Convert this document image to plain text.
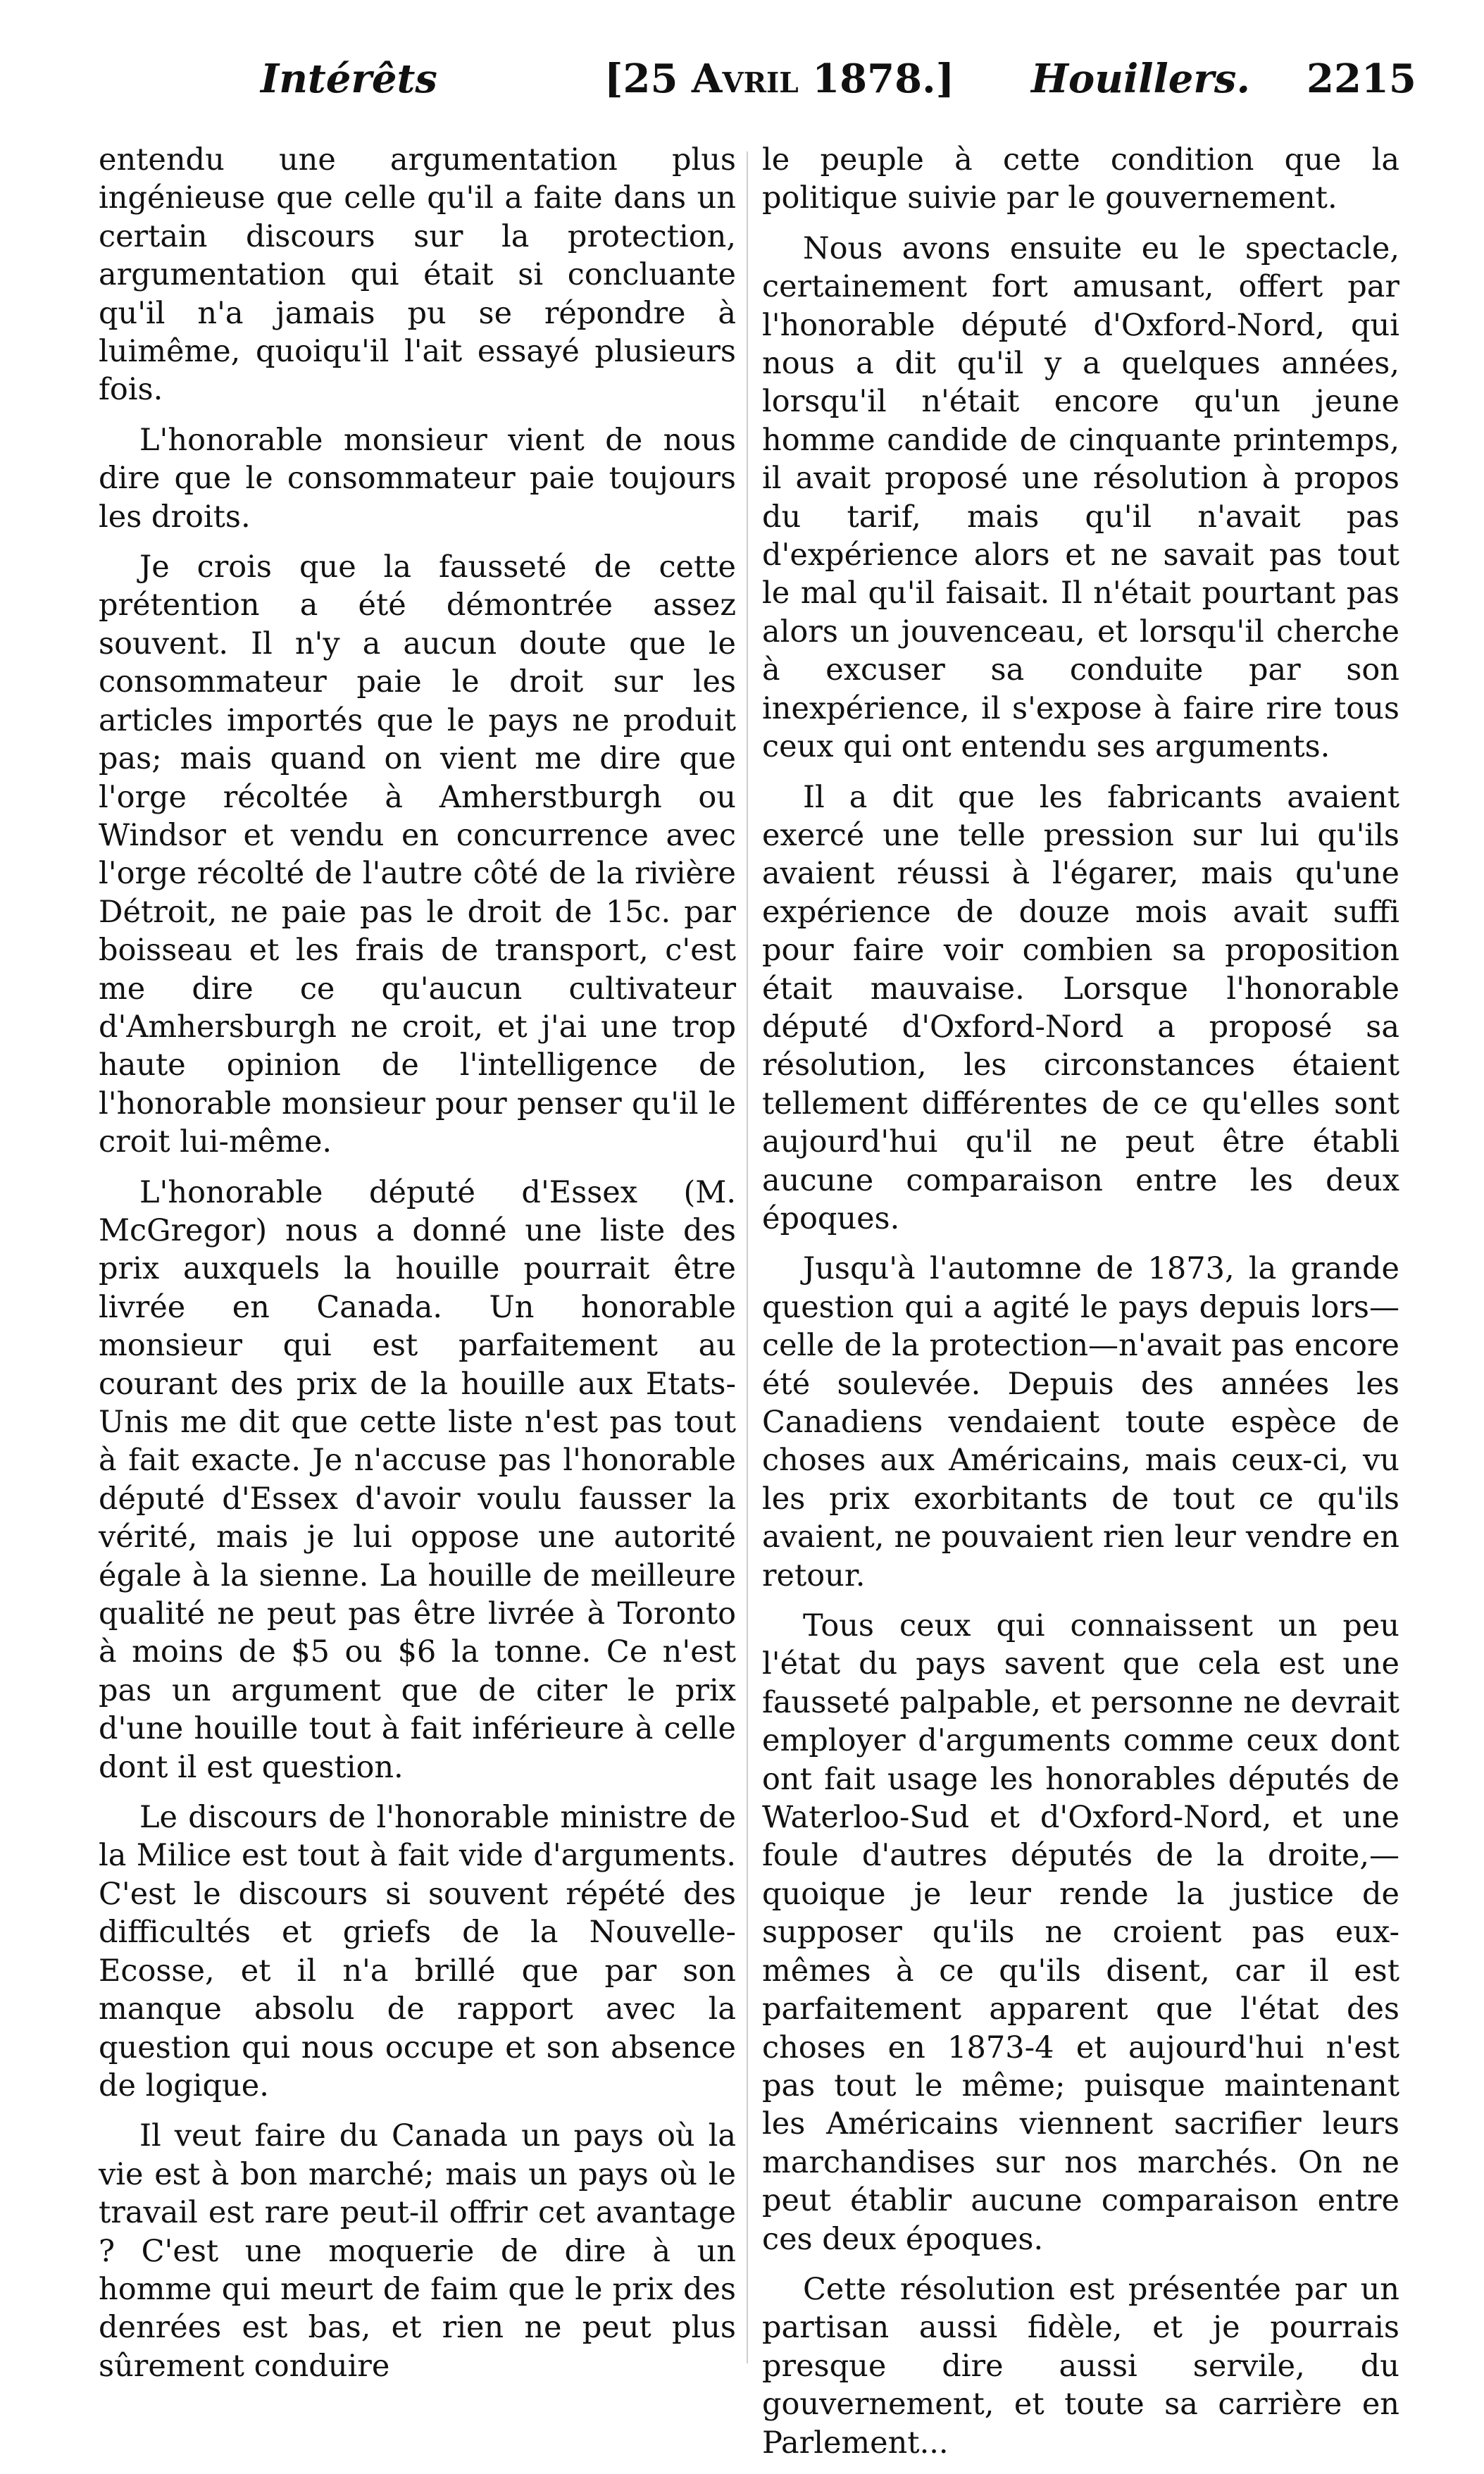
Intérêts	[25 Avril 1878.] Houillers. 2215

entendu une argumentation plus ingénieuse que celle qu'il a faite dans un certain discours sur la protection, argumentation qui était si concluante qu'il n'a jamais pu se répondre à luimême, quoiqu'il l'ait essayé plusieurs fois.

L'honorable monsieur vient de nous dire que le consommateur paie toujours les droits.

Je crois que la fausseté de cette prétention a été démontrée assez souvent. Il n'y a aucun doute que le consommateur paie le droit sur les articles importés que le pays ne produit pas; mais quand on vient me dire que l'orge récoltée à Amherstburgh ou Windsor et vendu en concurrence avec l'orge récolté de l'autre côté de la rivière Détroit, ne paie pas le droit de 15c. par boisseau et les frais de transport, c'est me dire ce qu'aucun cultivateur d'Amhersburgh ne croit, et j'ai une trop haute opinion de l'intelligence de l'honorable monsieur pour penser qu'il le croit lui-même.

L'honorable député d'Essex (M. McGregor) nous a donné une liste des prix auxquels la houille pourrait être livrée en Canada. Un honorable monsieur qui est parfaitement au courant des prix de la houille aux Etats-Unis me dit que cette liste n'est pas tout à fait exacte. Je n'accuse pas l'honorable député d'Essex d'avoir voulu fausser la vérité, mais je lui oppose une autorité égale à la sienne. La houille de meilleure qualité ne peut pas être livrée à Toronto à moins de $5 ou $6 la tonne. Ce n'est pas un argument que de citer le prix d'une houille tout à fait inférieure à celle dont il est question.

Le discours de l'honorable ministre de la Milice est tout à fait vide d'arguments. C'est le discours si souvent répété des difficultés et griefs de la Nouvelle-Ecosse, et il n'a brillé que par son manque absolu de rapport avec la question qui nous occupe et son absence de logique.

Il veut faire du Canada un pays où la vie est à bon marché; mais un pays où le travail est rare peut-il offrir cet avantage ? C'est une moquerie de dire à un homme qui meurt de faim que le prix des denrées est bas, et rien ne peut plus sûrement conduire

le peuple à cette condition que la politique suivie par le gouvernement.

Nous avons ensuite eu le spectacle, certainement fort amusant, offert par l'honorable député d'Oxford-Nord, qui nous a dit qu'il y a quelques années, lorsqu'il n'était encore qu'un jeune homme candide de cinquante printemps, il avait proposé une résolution à propos du tarif, mais qu'il n'avait pas d'expérience alors et ne savait pas tout le mal qu'il faisait. Il n'était pourtant pas alors un jouvenceau, et lorsqu'il cherche à excuser sa conduite par son inexpérience, il s'expose à faire rire tous ceux qui ont entendu ses arguments.

Il a dit que les fabricants avaient exercé une telle pression sur lui qu'ils avaient réussi à l'égarer, mais qu'une expérience de douze mois avait suffi pour faire voir combien sa proposition était mauvaise. Lorsque l'honorable député d'Oxford-Nord a proposé sa résolution, les circonstances étaient tellement différentes de ce qu'elles sont aujourd'hui qu'il ne peut être établi aucune comparaison entre les deux époques.

Jusqu'à l'automne de 1873, la grande question qui a agité le pays depuis lors—celle de la protection—n'avait pas encore été soulevée. Depuis des années les Canadiens vendaient toute espèce de choses aux Américains, mais ceux-ci, vu les prix exorbitants de tout ce qu'ils avaient, ne pouvaient rien leur vendre en retour.

Tous ceux qui connaissent un peu l'état du pays savent que cela est une fausseté palpable, et personne ne devrait employer d'arguments comme ceux dont ont fait usage les honorables députés de Waterloo-Sud et d'Oxford-Nord, et une foule d'autres députés de la droite,—quoique je leur rende la justice de supposer qu'ils ne croient pas eux-mêmes à ce qu'ils disent, car il est parfaitement apparent que l'état des choses en 1873-4 et aujourd'hui n'est pas tout le même; puisque maintenant les Américains viennent sacrifier leurs marchandises sur nos marchés. On ne peut établir aucune comparaison entre ces deux époques.

Cette résolution est présentée par un partisan aussi fidèle, et je pourrais presque dire aussi servile, du gouvernement, et toute sa carrière en Parlement...
